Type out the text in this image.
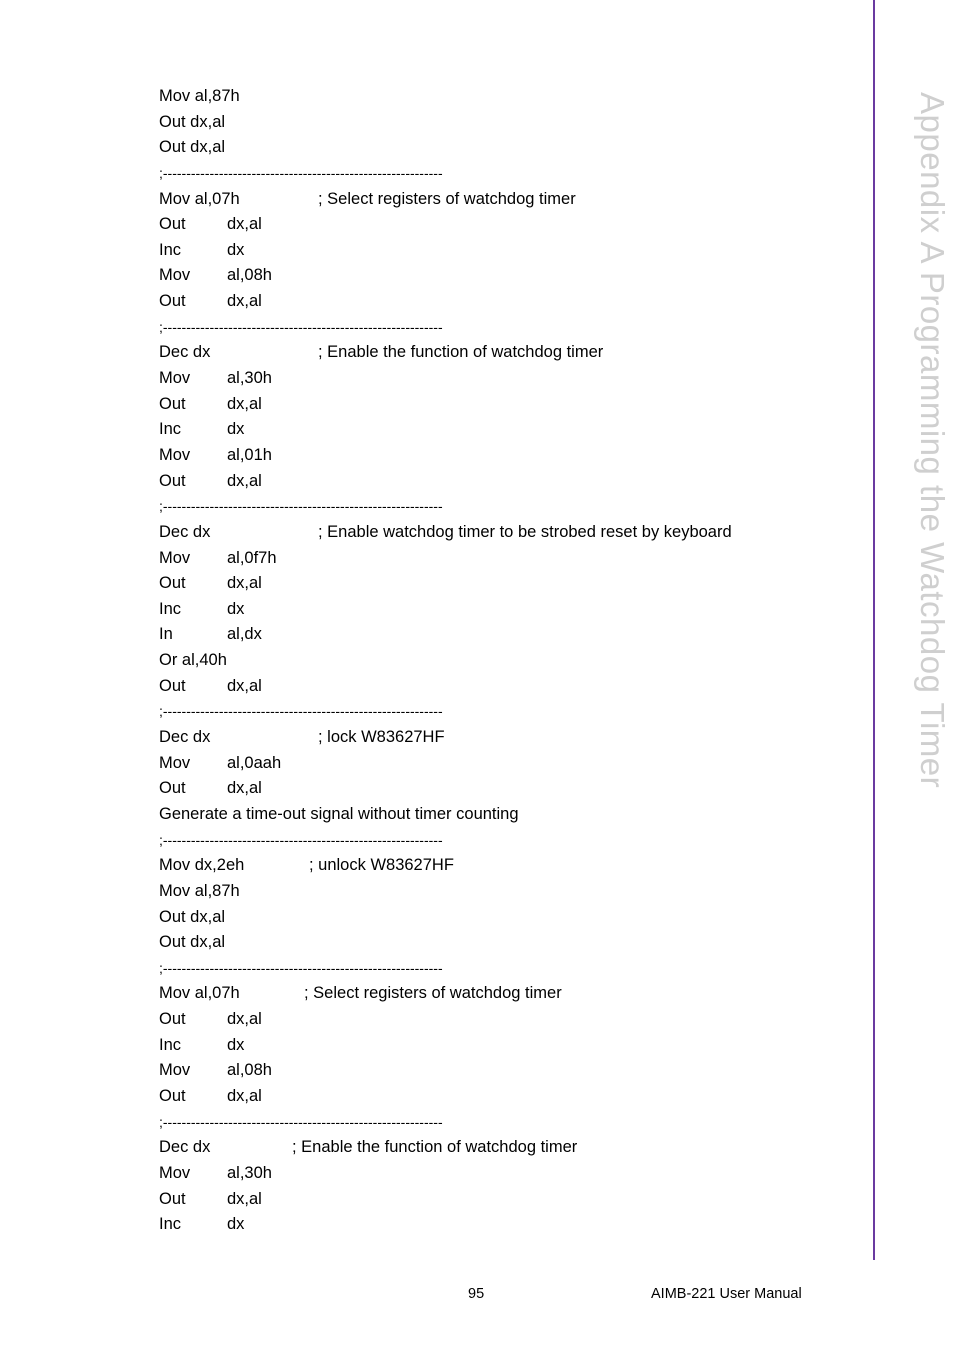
Mov al,87h
Out dx,al
Out dx,al
;------------------------------------------------------------
Mov al,07h	; Select registers of watchdog timer
Out	dx,al
Inc	dx
Mov al,08h
Out	dx,al
;------------------------------------------------------------
Dec dx	; Enable the function of watchdog timer
Mov al,30h
Out	dx,al
Inc	dx
Mov al,01h
Out	dx,al
;------------------------------------------------------------
Dec dx	; Enable watchdog timer to be strobed reset by keyboard
Mov al,0f7h
Out	dx,al
Inc	dx
In	al,dx
Or al,40h
Out	dx,al
;------------------------------------------------------------
Dec dx	; lock W83627HF
Mov al,0aah
Out	dx,al
Generate a time-out signal without timer counting
;------------------------------------------------------------
Mov dx,2eh	; unlock W83627HF
Mov al,87h
Out dx,al
Out dx,al
;------------------------------------------------------------
Mov al,07h	; Select registers of watchdog timer
Out	dx,al
Inc	dx
Mov al,08h
Out	dx,al
;------------------------------------------------------------
Dec dx	; Enable the function of watchdog timer
Mov al,30h
Out	dx,al
Inc	dx
Appendix A Programming the Watchdog Timer
95	AIMB-221 User Manual
